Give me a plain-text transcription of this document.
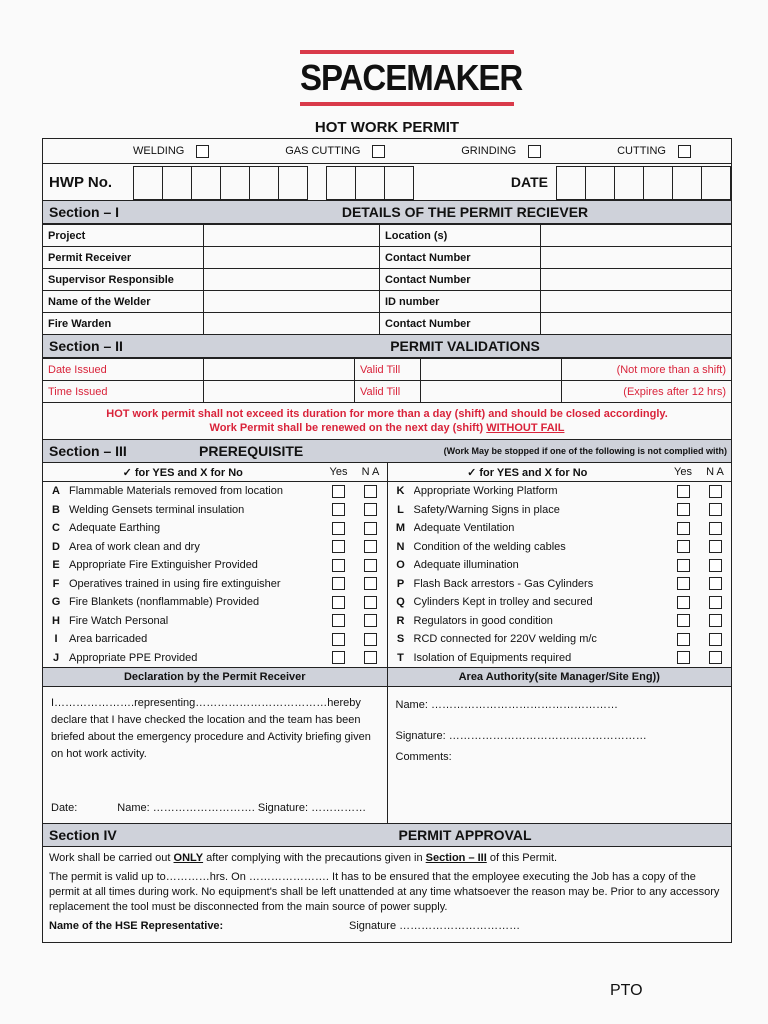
SPACEMAKER
HOT WORK PERMIT
WELDING	GAS CUTTING	GRINDING	CUTTING
HWP No.	DATE
Section – I	DETAILS OF THE PERMIT RECIEVER
Project		Location (s)	
Permit Receiver		Contact Number	
Supervisor Responsible		Contact Number	
Name of the Welder		ID number	
Fire Warden		Contact Number	
Section – II	PERMIT VALIDATIONS
Date Issued		Valid Till		(Not more than a shift)
Time Issued		Valid Till		(Expires after 12 hrs)
HOT work permit shall not exceed its duration for more than a day (shift) and should be closed accordingly.
Work Permit shall be renewed on the next day (shift) WITHOUT FAIL
Section – III	PREREQUISITE	(Work May be stopped if one of the following is not complied with)
✓ for YES and X for No	Yes	N A
A Flammable Materials removed from location
B Welding Gensets terminal insulation
C Adequate Earthing
D Area of work clean and dry
E Appropriate Fire Extinguisher Provided
F Operatives trained in using fire extinguisher
G Fire Blankets (nonflammable) Provided
H Fire Watch Personal
I	Area barricaded
J Appropriate PPE Provided
✓ for YES and X for No	Yes	N A
K Appropriate Working Platform
L Safety/Warning Signs in place
M Adequate Ventilation
N Condition of the welding cables
O Adequate illumination
P Flash Back arrestors - Gas Cylinders
Q Cylinders Kept in trolley and secured
R Regulators in good condition
S RCD connected for 220V welding m/c
T Isolation of Equipments required
Declaration by the Permit Receiver

I………………….representing………………………………hereby

declare that I have checked the location and the team has been

briefed about the emergency procedure and Activity briefing given

on hot work activity.

Date:	Name: ………………………. Signature: ……………

Area Authority(site Manager/Site Eng))

Name: ……………………………………………

Signature: ………………………………………………

Comments:

Section IV	PERMIT APPROVAL
Work shall be carried out ONLY after complying with the precautions given in Section – III of this Permit.
The permit is valid up to…………hrs. On …………………. It has to be ensured that the employee executing the Job has a copy of the permit at all times during work. No equipment's shall be left unattended at any time whatsoever the reason may be. Prior to any accessory replacement the tool must be disconnected from the main source of power supply.
Name of the HSE Representative:	Signature ……………………………
PTO
